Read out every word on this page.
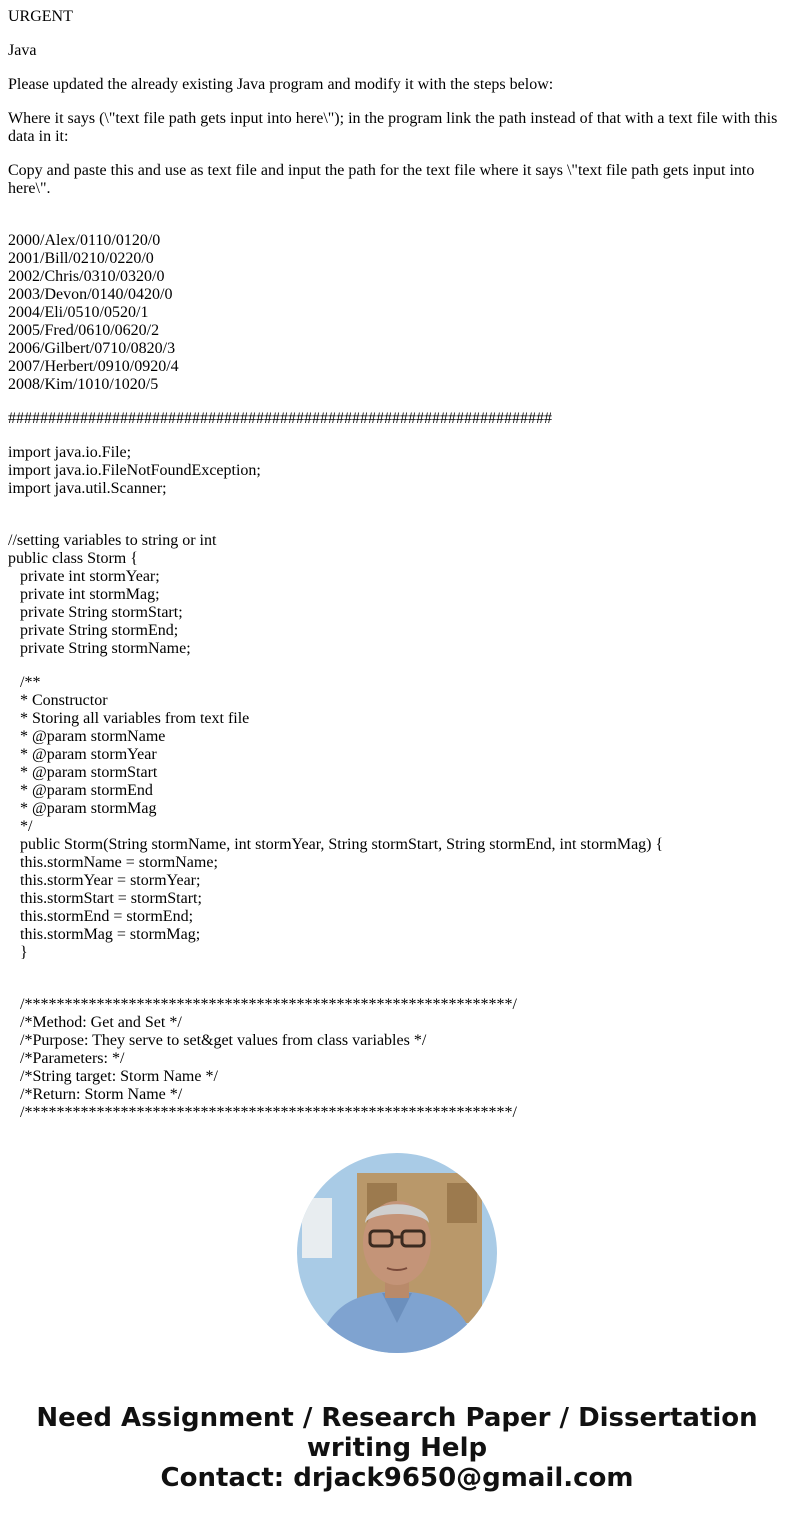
URGENT

Java

Please updated the already existing Java program and modify it with the steps below:

Where it says (\"text file path gets input into here\"); in the program link the path instead of that with a text file with this data in it:

Copy and paste this and use as text file and input the path for the text file where it says \"text file path gets input into here\".

2000/Alex/0110/0120/0
2001/Bill/0210/0220/0
2002/Chris/0310/0320/0
2003/Devon/0140/0420/0
2004/Eli/0510/0520/1
2005/Fred/0610/0620/2
2006/Gilbert/0710/0820/3
2007/Herbert/0910/0920/4
2008/Kim/1010/1020/5

####################################################################

import java.io.File;
import java.io.FileNotFoundException;
import java.util.Scanner;
//setting variables to string or int
public class Storm {
private int stormYear;
private int stormMag;
private String stormStart;
private String stormEnd;
private String stormName;
/**
* Constructor
* Storing all variables from text file
* @param stormName
* @param stormYear
* @param stormStart
* @param stormEnd
* @param stormMag
*/
public Storm(String stormName, int stormYear, String stormStart, String stormEnd, int stormMag) {
this.stormName = stormName;
this.stormYear = stormYear;
this.stormStart = stormStart;
this.stormEnd = stormEnd;
this.stormMag = stormMag;
}
/*************************************************************/
/*Method: Get and Set */
/*Purpose: They serve to set&get values from class variables */
/*Parameters: */
/*String target: Storm Name */
/*Return: Storm Name */
/*************************************************************/
Need Assignment / Research Paper / Dissertation
writing Help
Contact: drjack9650@gmail.com
